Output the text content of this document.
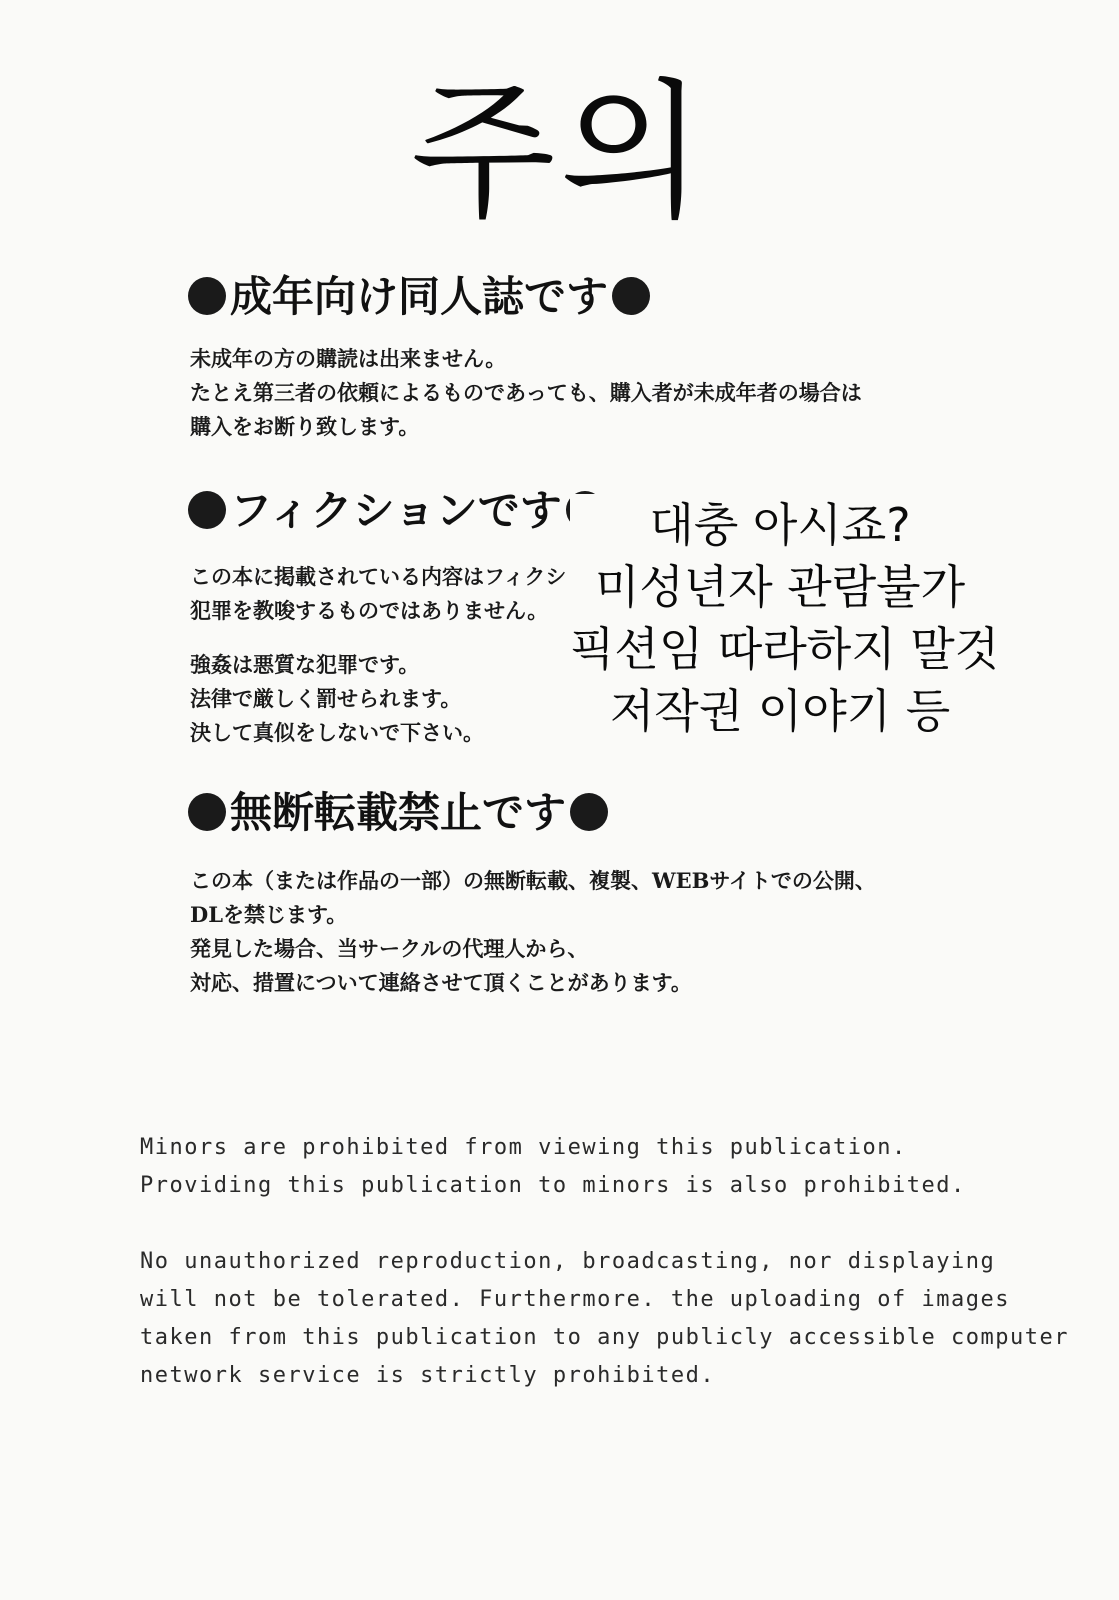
주의
成年向け同人誌です
未成年の方の購読は出来ません。
たとえ第三者の依頼によるものであっても、購入者が未成年者の場合は
購入をお断り致します。
フィクションです
この本に掲載されている内容はフィクシ
犯罪を教唆するものではありません。
強姦は悪質な犯罪です。
法律で厳しく罰せられます。
決して真似をしないで下さい。
대충 아시죠?
미성년자 관람불가
픽션임 따라하지 말것
저작권 이야기 등
無断転載禁止です
この本（または作品の一部）の無断転載、複製、WEBサイトでの公開、
DLを禁じます。
発見した場合、当サークルの代理人から、
対応、措置について連絡させて頂くことがあります。
Minors are prohibited from viewing this publication.
Providing this publication to minors is also prohibited.
No unauthorized reproduction, broadcasting, nor displaying
will not be tolerated. Furthermore. the uploading of images
taken from this publication to any publicly accessible computer
network service is strictly prohibited.
